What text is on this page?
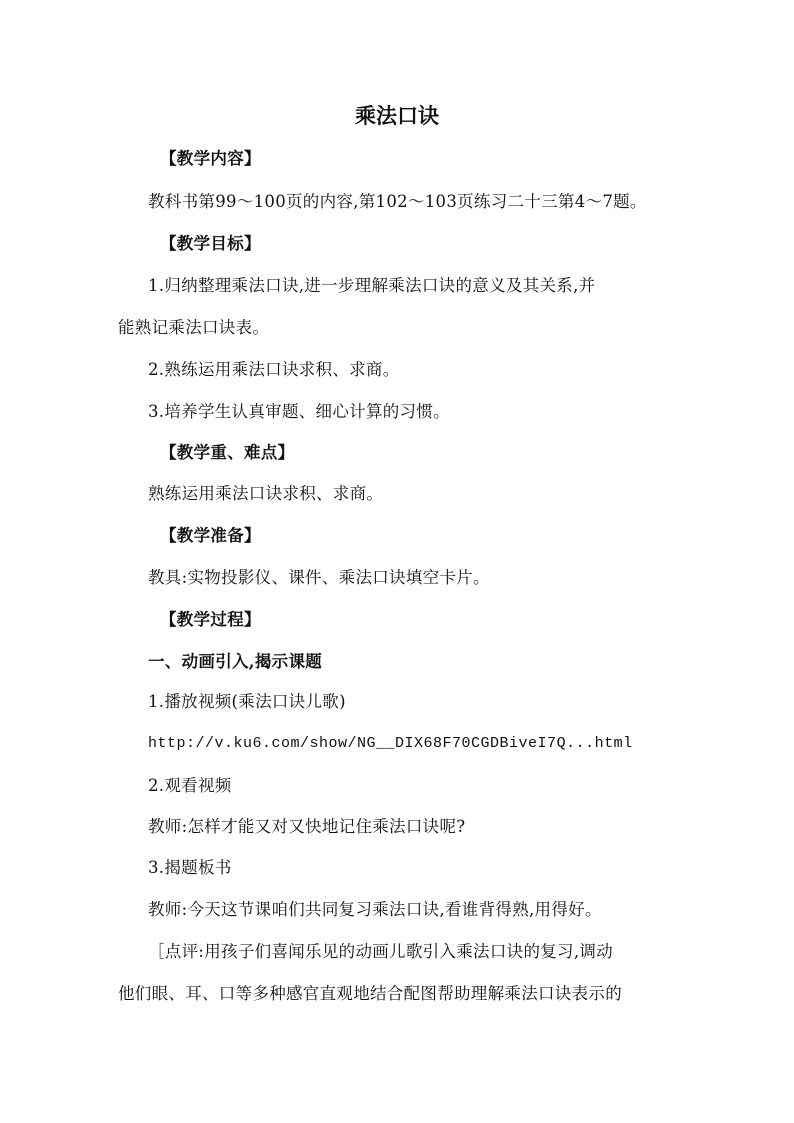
乘法口诀
【教学内容】
教科书第99～100页的内容,第102～103页练习二十三第4～7题。
【教学目标】
1.归纳整理乘法口诀,进一步理解乘法口诀的意义及其关系,并
能熟记乘法口诀表。
2.熟练运用乘法口诀求积、求商。
3.培养学生认真审题、细心计算的习惯。
【教学重、难点】
熟练运用乘法口诀求积、求商。
【教学准备】
教具:实物投影仪、课件、乘法口诀填空卡片。
【教学过程】
一、动画引入,揭示课题
1.播放视频(乘法口诀儿歌)
http://v.ku6.com/show/NG__DIX68F70CGDBiveI7Q...html
2.观看视频
教师:怎样才能又对又快地记住乘法口诀呢?
3.揭题板书
教师:今天这节课咱们共同复习乘法口诀,看谁背得熟,用得好。
［点评:用孩子们喜闻乐见的动画儿歌引入乘法口诀的复习,调动
他们眼、耳、口等多种感官直观地结合配图帮助理解乘法口诀表示的
